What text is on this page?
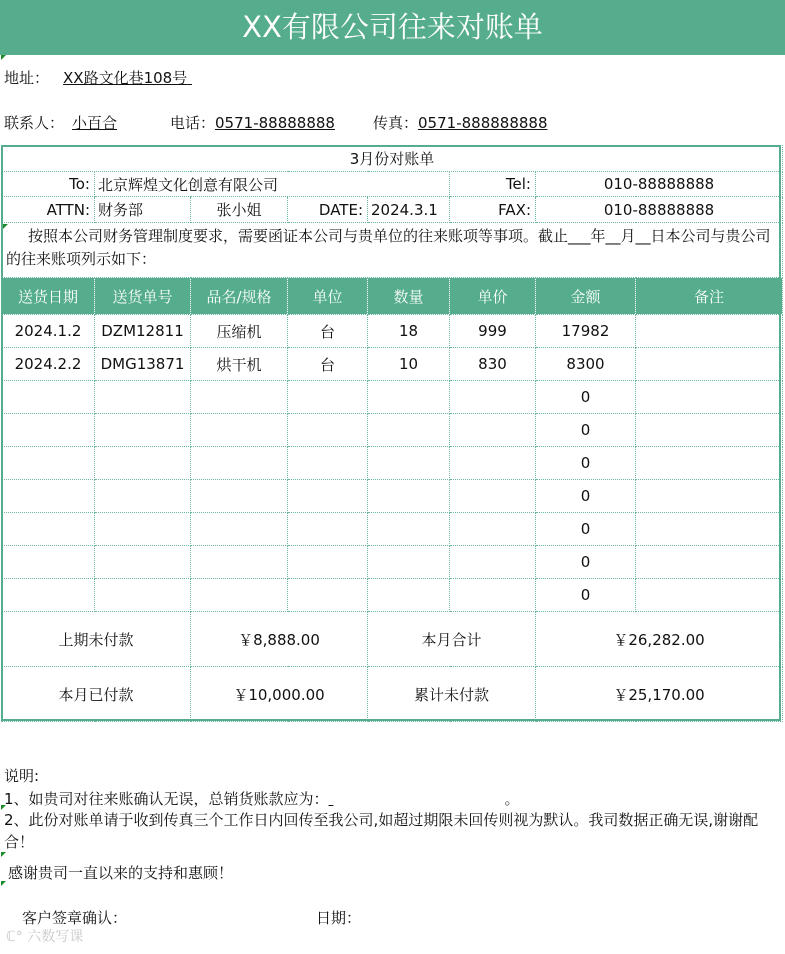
XX有限公司往来对账单
地址： XX路文化巷108号
联系人： 小百合	电话：0571-88888888	传真：0571-888888888
3月份对账单							
To:	北京辉煌文化创意有限公司				Tel:	010-88888888	
ATTN:	财务部	张小姐	DATE:	2024.3.1	FAX:	010-88888888	
按照本公司财务管理制度要求，需要函证本公司与贵单位的往来账项等事项。截止___年__月__日本公司与贵公司的往来账项列示如下：							
送货日期	送货单号	品名/规格	单位	数量	单价	金额	备注
2024.1.2	DZM12811	压缩机	台	18	999	17982	
2024.2.2	DMG13871	烘干机	台	10	830	8300	
						0	
						0	
						0	
						0	
						0	
						0	
						0	
上期未付款		￥8,888.00		本月合计		￥26,282.00	
本月已付款		￥10,000.00		累计未付款		￥25,170.00	
说明:
1、如贵司对往来账确认无误，总销货账款应为：	。
2、此份对账单请于收到传真三个工作日内回传至我公司,如超过期限未回传则视为默认。我司数据正确无误,谢谢配合！
感谢贵司一直以来的支持和惠顾！
客户签章确认：	日期：
ℂ° 六数写课
